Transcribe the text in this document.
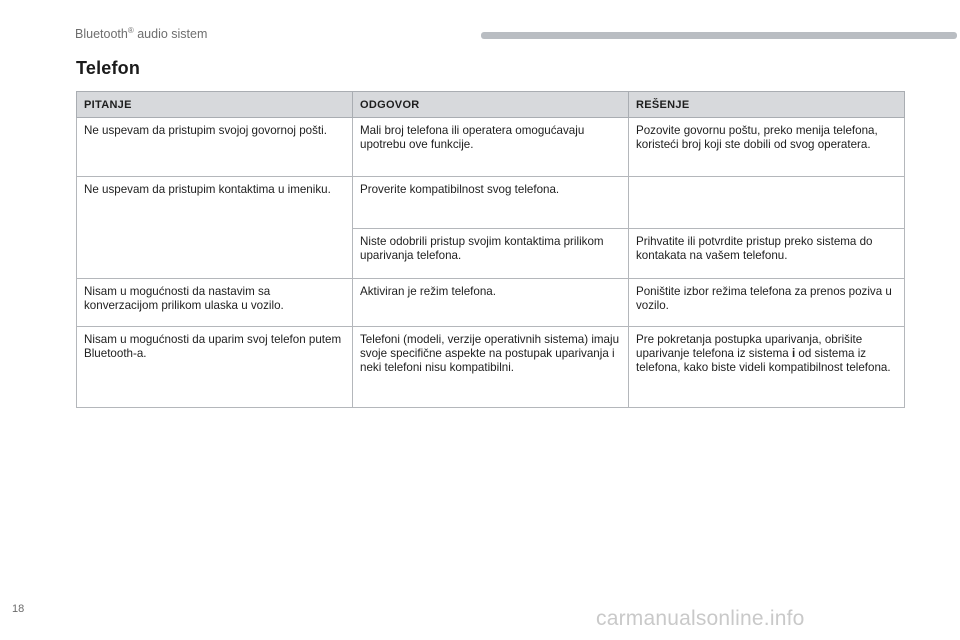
Bluetooth® audio sistem
Telefon
PITANJE	ODGOVOR	REŠENJE
Ne uspevam da pristupim svojoj govornoj pošti.	Mali broj telefona ili operatera omogućavaju upotrebu ove funkcije.	Pozovite govornu poštu, preko menija telefona, koristeći broj koji ste dobili od svog operatera.
Ne uspevam da pristupim kontaktima u imeniku.	Proverite kompatibilnost svog telefona.	
	Niste odobrili pristup svojim kontaktima prilikom uparivanja telefona.	Prihvatite ili potvrdite pristup preko sistema do kontakata na vašem telefonu.
Nisam u mogućnosti da nastavim sa konverzacijom prilikom ulaska u vozilo.	Aktiviran je režim telefona.	Poništite izbor režima telefona za prenos poziva u vozilo.
Nisam u mogućnosti da uparim svoj telefon putem Bluetooth-a.	Telefoni (modeli, verzije operativnih sistema) imaju svoje specifične aspekte na postupak uparivanja i neki telefoni nisu kompatibilni.	Pre pokretanja postupka uparivanja, obrišite uparivanje telefona iz sistema i od sistema iz telefona, kako biste videli kompatibilnost telefona.
18	carmanualsonline.info
